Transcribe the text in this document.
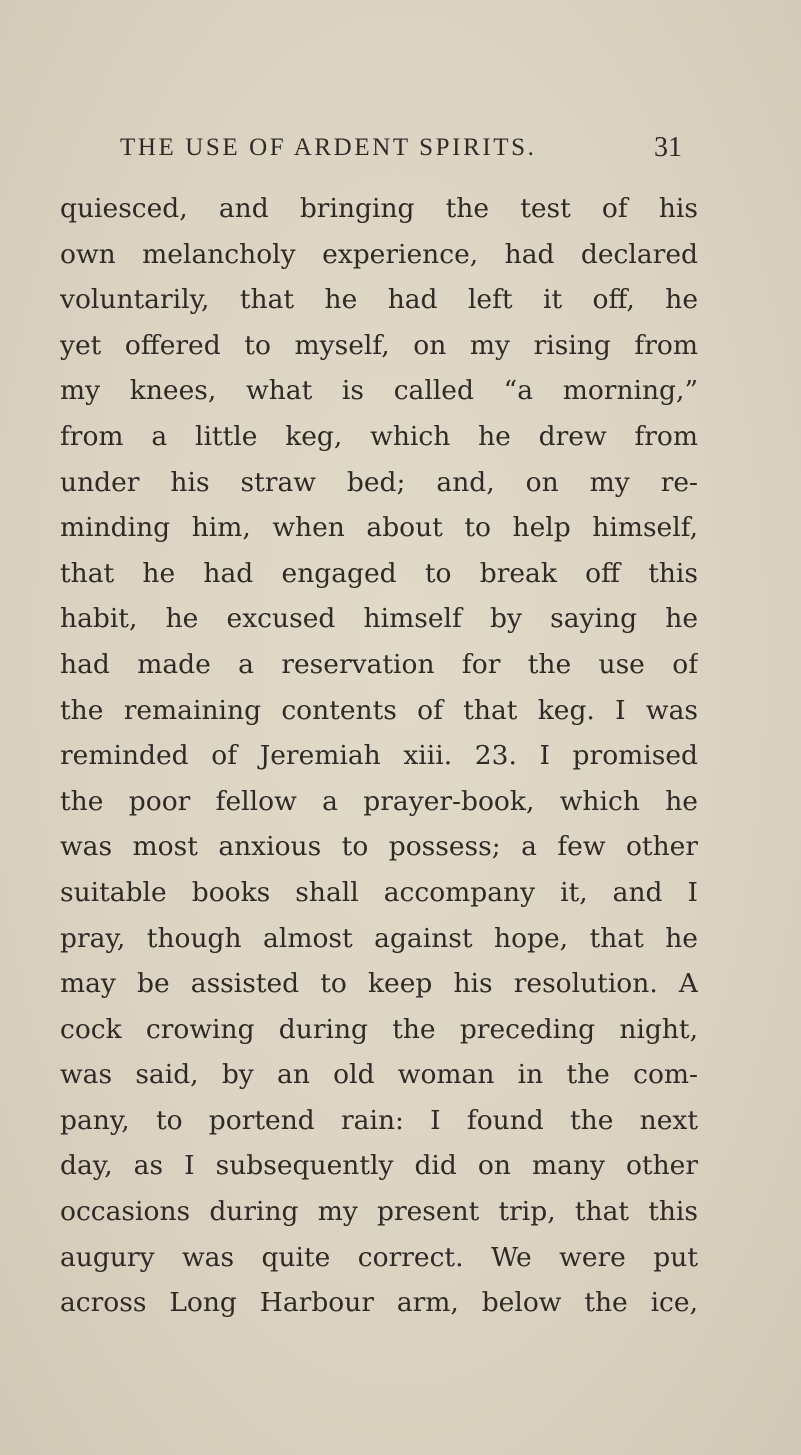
THE USE OF ARDENT SPIRITS.	31
quiesced, and bringing the test of his
own melancholy experience, had declared
voluntarily, that he had left it off, he
yet offered to myself, on my rising from
my knees, what is called “a morning,”
from a little keg, which he drew from
under his straw bed; and, on my re-
minding him, when about to help himself,
that he had engaged to break off this
habit, he excused himself by saying he
had made a reservation for the use of
the remaining contents of that keg. I was
reminded of Jeremiah xiii. 23. I promised
the poor fellow a prayer-book, which he
was most anxious to possess; a few other
suitable books shall accompany it, and I
pray, though almost against hope, that he
may be assisted to keep his resolution. A
cock crowing during the preceding night,
was said, by an old woman in the com-
pany, to portend rain: I found the next
day, as I subsequently did on many other
occasions during my present trip, that this
augury was quite correct. We were put
across Long Harbour arm, below the ice,
